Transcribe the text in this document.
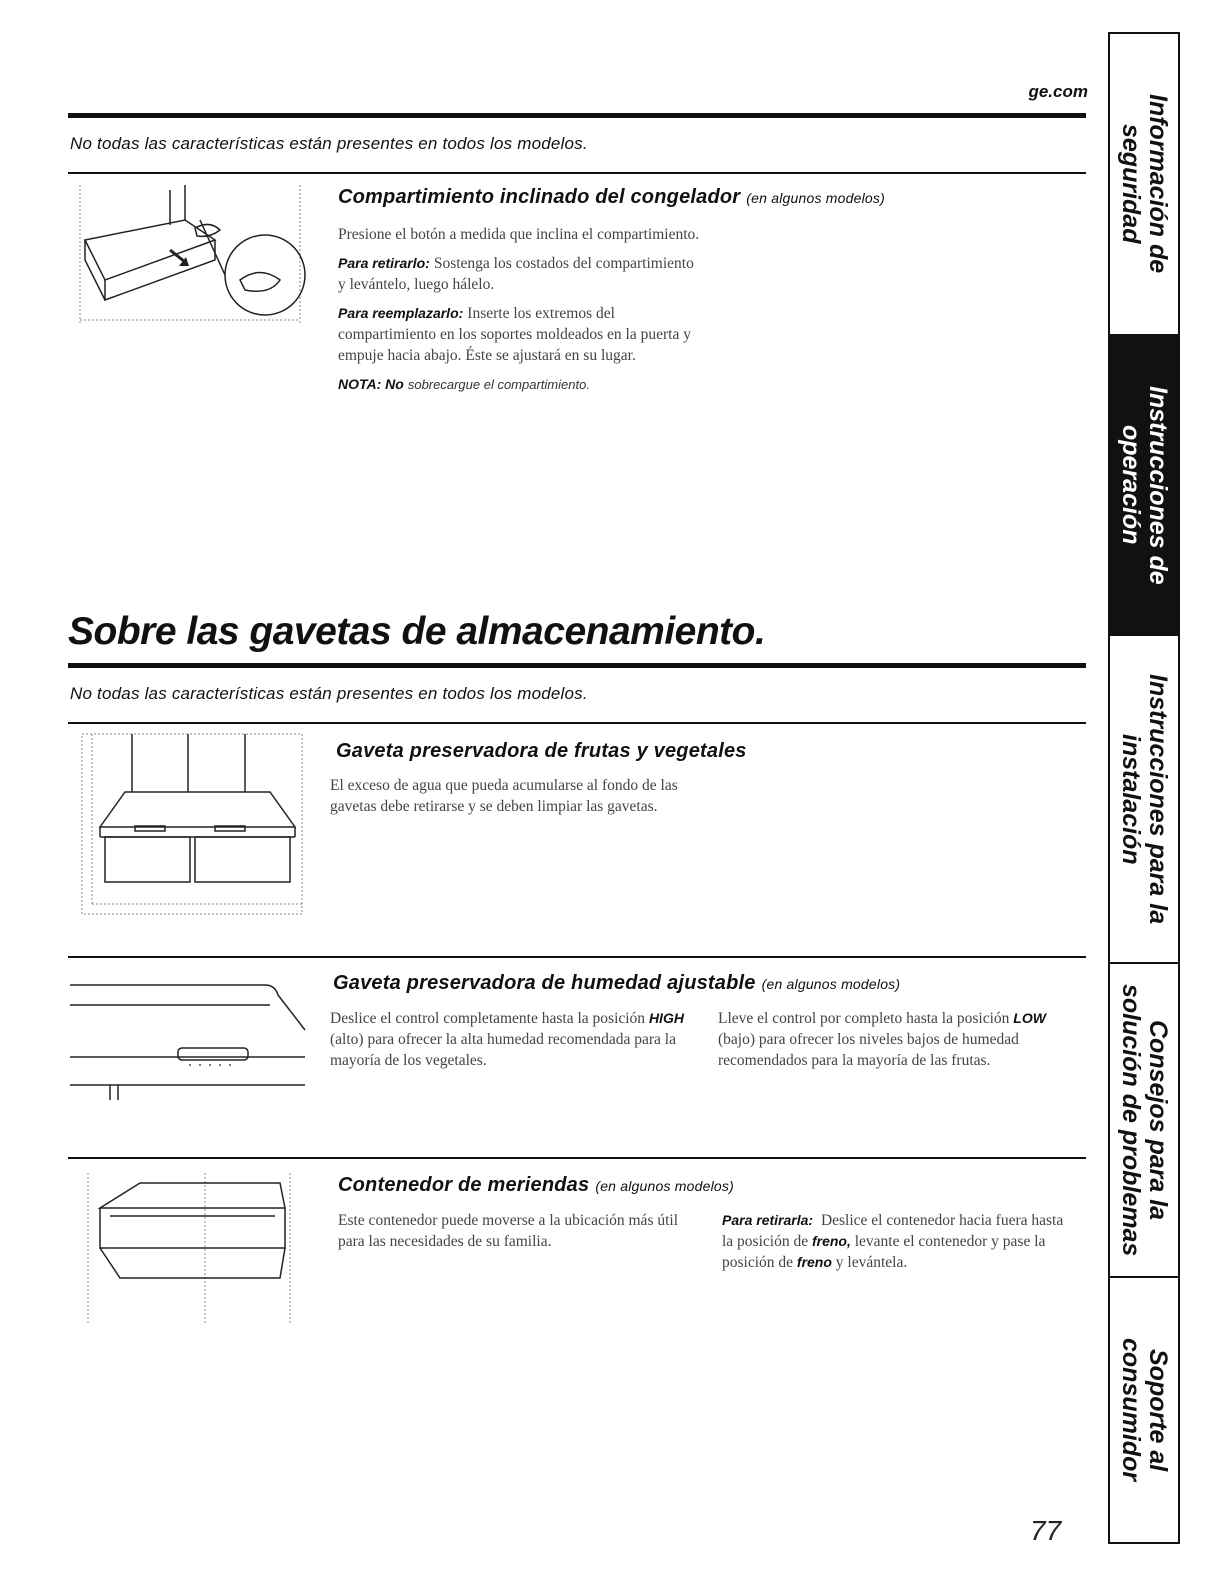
ge.com
No todas las características están presentes en todos los modelos.
Compartimiento inclinado del congelador (en algunos modelos)

Presione el botón a medida que inclina el compartimiento.

Para retirarlo: Sostenga los costados del compartimiento y levántelo, luego hálelo.

Para reemplazarlo: Inserte los extremos del compartimiento en los soportes moldeados en la puerta y empuje hacia abajo. Éste se ajustará en su lugar.

NOTA: No sobrecargue el compartimiento.

Sobre las gavetas de almacenamiento.
No todas las características están presentes en todos los modelos.
Gaveta preservadora de frutas y vegetales

El exceso de agua que pueda acumularse al fondo de las gavetas debe retirarse y se deben limpiar las gavetas.

Gaveta preservadora de humedad ajustable (en algunos modelos)
Deslice el control completamente hasta la posición HIGH (alto) para ofrecer la alta humedad recomendada para la mayoría de los vegetales.
Lleve el control por completo hasta la posición LOW (bajo) para ofrecer los niveles bajos de humedad recomendados para la mayoría de las frutas.
Contenedor de meriendas (en algunos modelos)
Este contenedor puede moverse a la ubicación más útil para las necesidades de su familia.
Para retirarla: Deslice el contenedor hacia fuera hasta la posición de freno, levante el contenedor y pase la posición de freno y levántela.
77
Información de
seguridad
Instrucciones de
operación
Instrucciones para la
instalación
Consejos para la
solución de problemas
Soporte al consumidor
